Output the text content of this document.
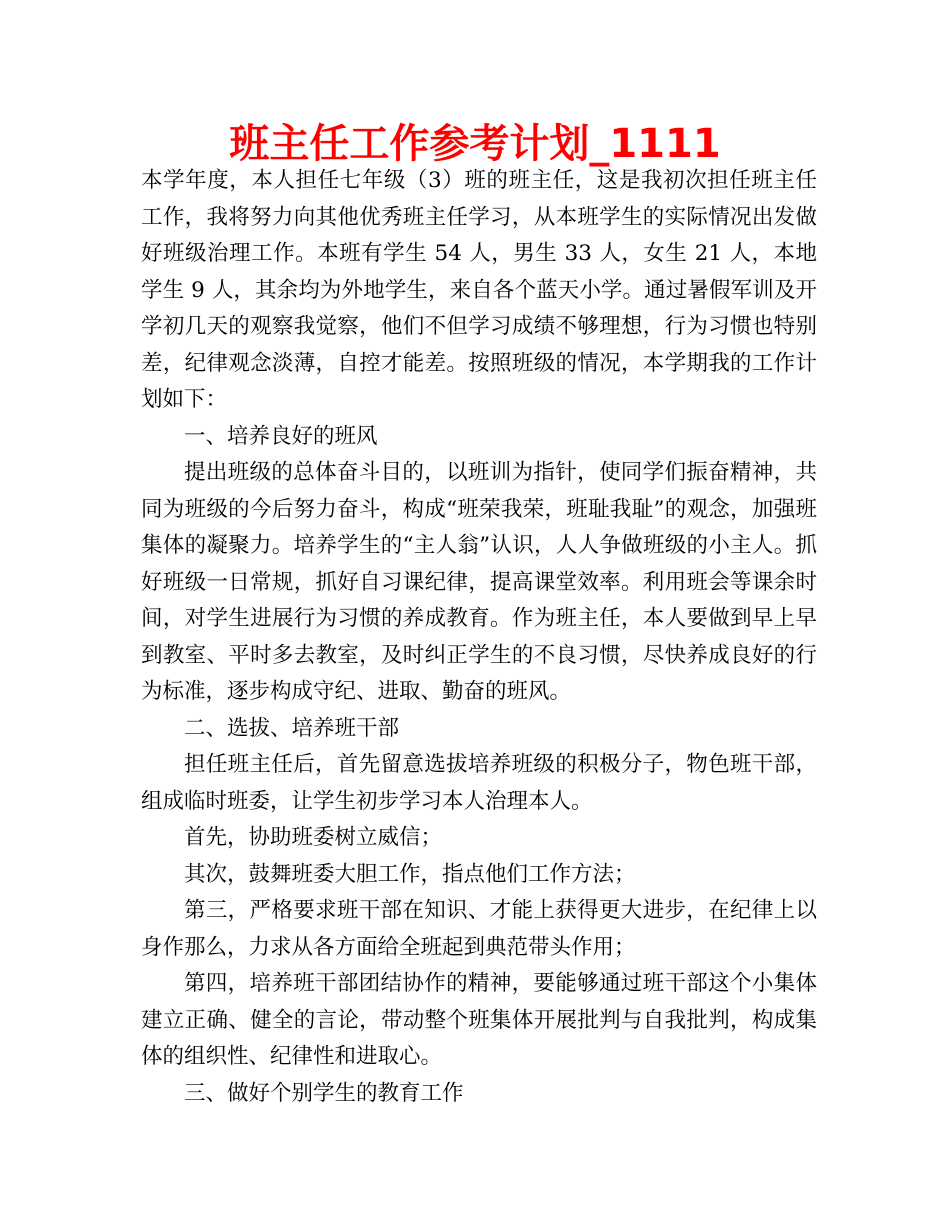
班主任工作参考计划_1111

本学年度，本人担任七年级（3）班的班主任，这是我初次担任班主任工作，我将努力向其他优秀班主任学习，从本班学生的实际情况出发做好班级治理工作。本班有学生 54 人，男生 33 人，女生 21 人，本地学生 9 人，其余均为外地学生，来自各个蓝天小学。通过暑假军训及开学初几天的观察我觉察，他们不但学习成绩不够理想，行为习惯也特别差，纪律观念淡薄，自控才能差。按照班级的情况，本学期我的工作计划如下：

一、培养良好的班风

提出班级的总体奋斗目的，以班训为指针，使同学们振奋精神，共同为班级的今后努力奋斗，构成“班荣我荣，班耻我耻”的观念，加强班集体的凝聚力。培养学生的“主人翁”认识，人人争做班级的小主人。抓好班级一日常规，抓好自习课纪律，提高课堂效率。利用班会等课余时间，对学生进展行为习惯的养成教育。作为班主任，本人要做到早上早到教室、平时多去教室，及时纠正学生的不良习惯，尽快养成良好的行为标准，逐步构成守纪、进取、勤奋的班风。

二、选拔、培养班干部

担任班主任后，首先留意选拔培养班级的积极分子，物色班干部，组成临时班委，让学生初步学习本人治理本人。

首先，协助班委树立威信；

其次，鼓舞班委大胆工作，指点他们工作方法；

第三，严格要求班干部在知识、才能上获得更大进步，在纪律上以身作那么，力求从各方面给全班起到典范带头作用；

第四，培养班干部团结协作的精神，要能够通过班干部这个小集体建立正确、健全的言论，带动整个班集体开展批判与自我批判，构成集体的组织性、纪律性和进取心。

三、做好个别学生的教育工作
